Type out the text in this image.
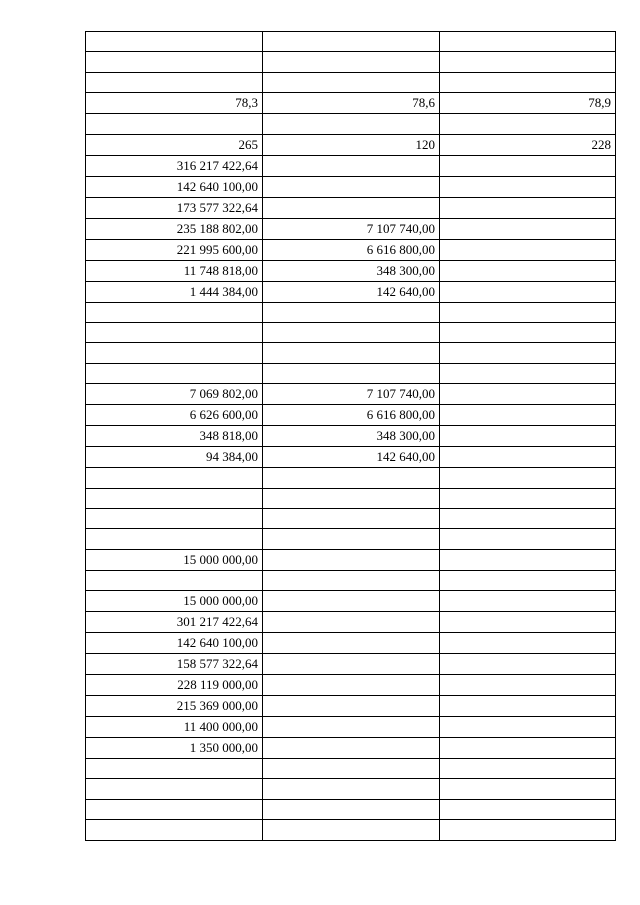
78,3	78,6	78,9

265	120	228
316 217 422,64		
142 640 100,00		
173 577 322,64		
235 188 802,00	7 107 740,00	
221 995 600,00	6 616 800,00	
11 748 818,00	348 300,00	
1 444 384,00	142 640,00	

7 069 802,00	7 107 740,00	
6 626 600,00	6 616 800,00	
348 818,00	348 300,00	
94 384,00	142 640,00	

15 000 000,00		

15 000 000,00		
301 217 422,64		
142 640 100,00		
158 577 322,64		
228 119 000,00		
215 369 000,00		
11 400 000,00		
1 350 000,00		
